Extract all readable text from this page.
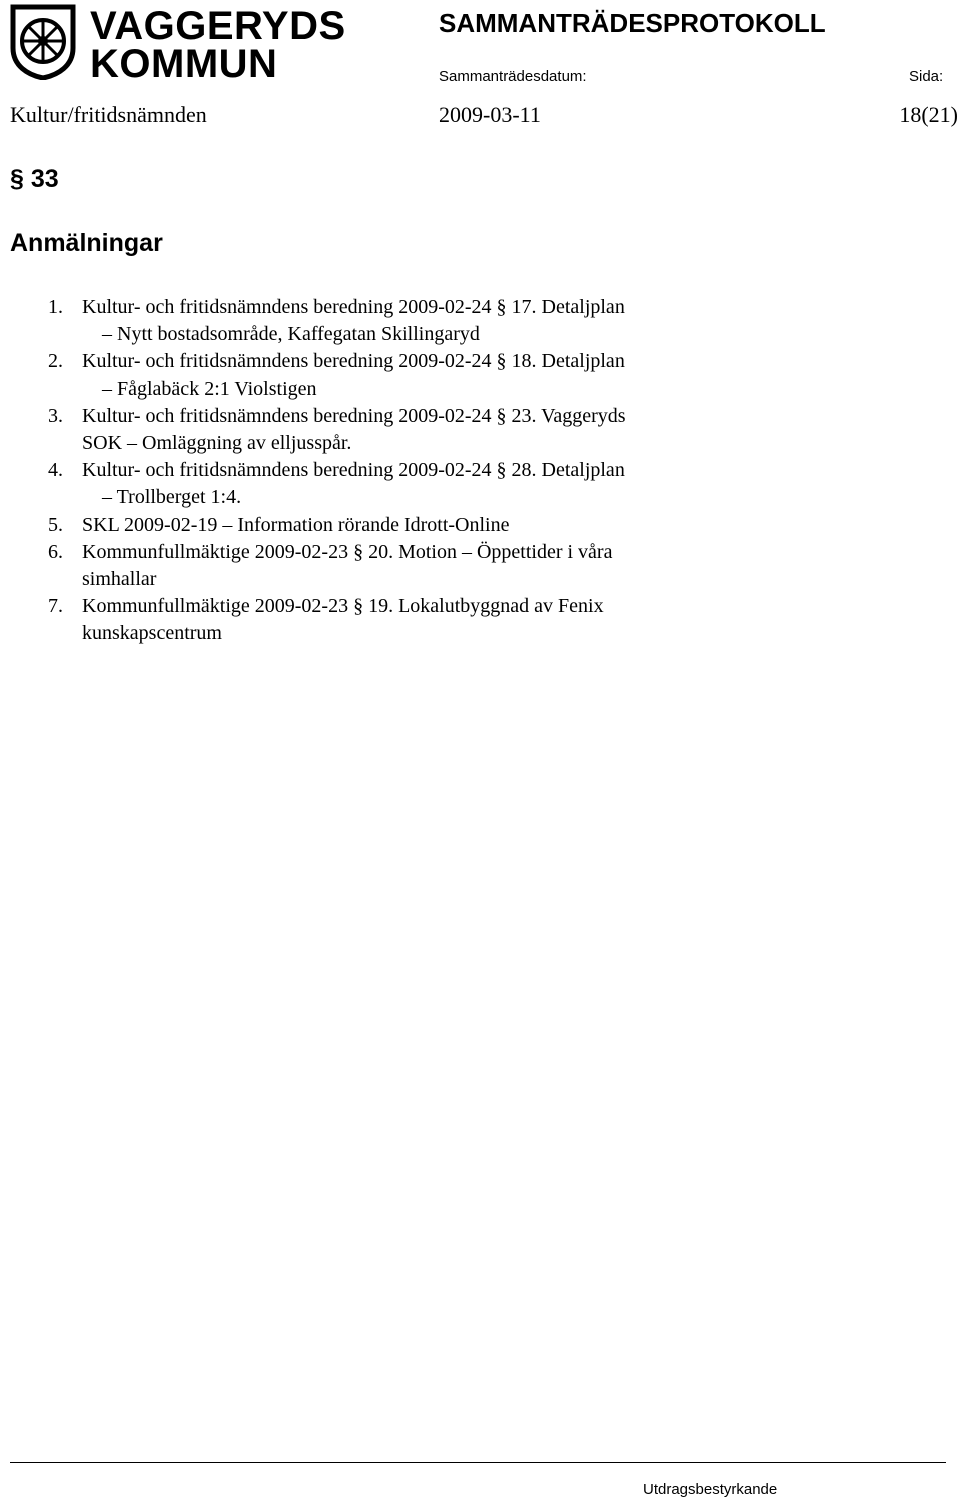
VAGGERYDS
KOMMUN
SAMMANTRÄDESPROTOKOLL
Sammanträdesdatum:	Sida:
Kultur/fritidsnämnden	2009-03-11	18(21)
§ 33
Anmälningar
1. Kultur- och fritidsnämndens beredning 2009-02-24 § 17. Detaljplan
– Nytt bostadsområde, Kaffegatan Skillingaryd
2. Kultur- och fritidsnämndens beredning 2009-02-24 § 18. Detaljplan
– Fåglabäck 2:1 Violstigen
3. Kultur- och fritidsnämndens beredning 2009-02-24 § 23. Vaggeryds
SOK – Omläggning av elljusspår.
4. Kultur- och fritidsnämndens beredning 2009-02-24 § 28. Detaljplan
– Trollberget 1:4.
5. SKL 2009-02-19 – Information rörande Idrott-Online
6. Kommunfullmäktige 2009-02-23 § 20. Motion – Öppettider i våra
simhallar
7. Kommunfullmäktige 2009-02-23 § 19. Lokalutbyggnad av Fenix
kunskapscentrum
Utdragsbestyrkande
